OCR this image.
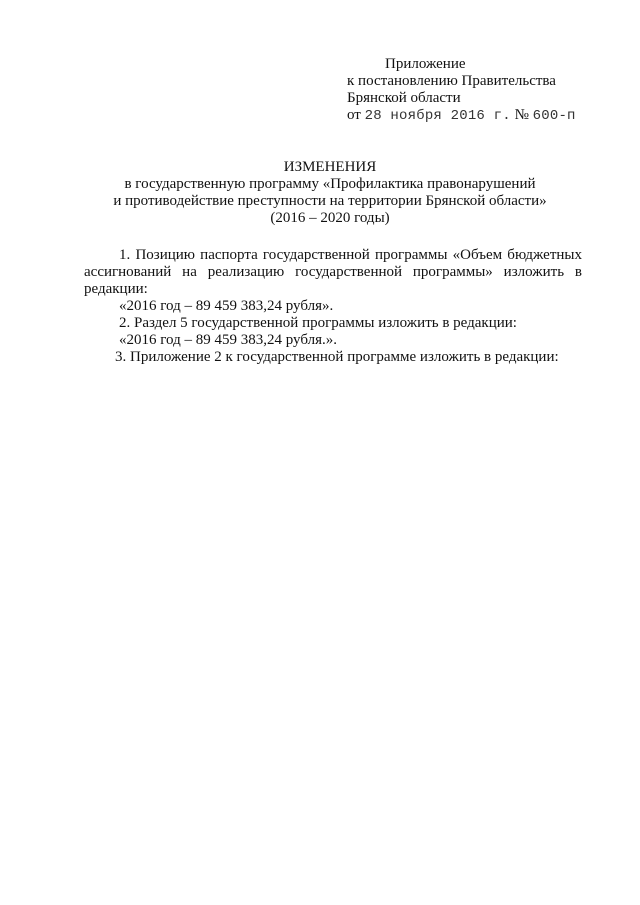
Приложение
к постановлению Правительства
Брянской области
от 28 ноября 2016 г. № 600-п
ИЗМЕНЕНИЯ
в государственную программу «Профилактика правонарушений
и противодействие преступности на территории Брянской области»
(2016 – 2020 годы)
1. Позицию паспорта государственной программы «Объем бюджетных
ассигнований на реализацию государственной программы» изложить в
редакции:
«2016 год – 89 459 383,24 рубля».
2. Раздел 5 государственной программы изложить в редакции:
«2016 год – 89 459 383,24 рубля.».
3. Приложение 2 к государственной программе изложить в редакции:
